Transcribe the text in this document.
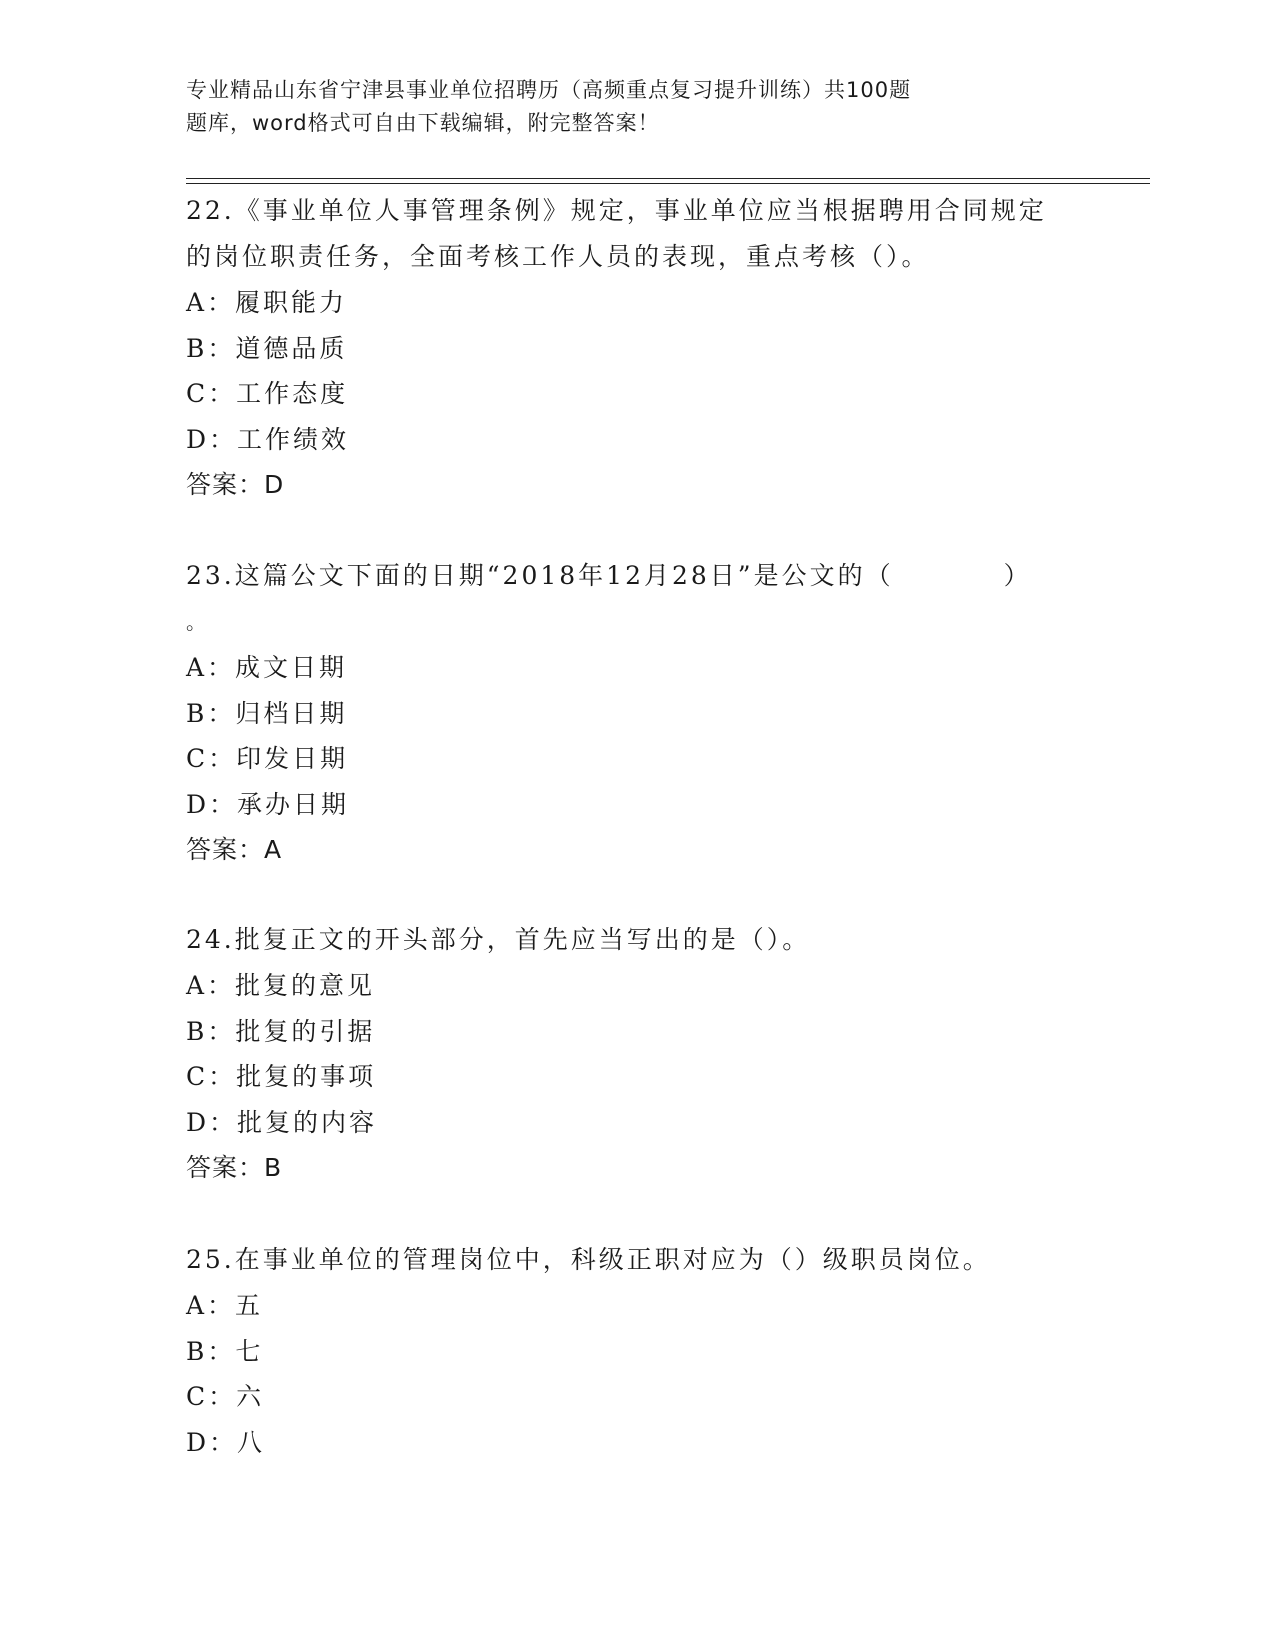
专业精品山东省宁津县事业单位招聘历（高频重点复习提升训练）共100题
题库，word格式可自由下载编辑，附完整答案！
22.《事业单位人事管理条例》规定，事业单位应当根据聘用合同规定
的岗位职责任务，全面考核工作人员的表现，重点考核（）。
A：履职能力
B：道德品质
C：工作态度
D：工作绩效
答案：D
23.这篇公文下面的日期“2018年12月28日”是公文的（	）
。
A：成文日期
B：归档日期
C：印发日期
D：承办日期
答案：A
24.批复正文的开头部分，首先应当写出的是（）。
A：批复的意见
B：批复的引据
C：批复的事项
D：批复的内容
答案：B
25.在事业单位的管理岗位中，科级正职对应为（）级职员岗位。
A：五
B：七
C：六
D：八
